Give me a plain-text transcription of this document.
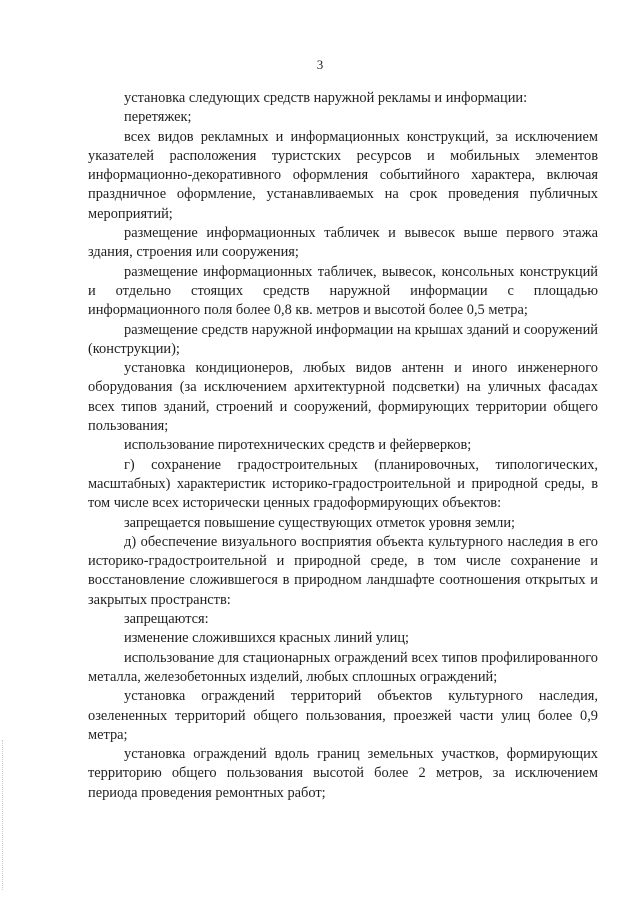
3

установка следующих средств наружной рекламы и информации:

перетяжек;

всех видов рекламных и информационных конструкций, за исключением указателей расположения туристских ресурсов и мобильных элементов информационно-декоративного оформления событийного характера, включая праздничное оформление, устанавливаемых на срок проведения публичных мероприятий;

размещение информационных табличек и вывесок выше первого этажа здания, строения или сооружения;

размещение информационных табличек, вывесок, консольных конструкций и отдельно стоящих средств наружной информации с площадью информационного поля более 0,8 кв. метров и высотой более 0,5 метра;

размещение средств наружной информации на крышах зданий и сооружений (конструкции);

установка кондиционеров, любых видов антенн и иного инженерного оборудования (за исключением архитектурной подсветки) на уличных фасадах всех типов зданий, строений и сооружений, формирующих территории общего пользования;

использование пиротехнических средств и фейерверков;

г) сохранение градостроительных (планировочных, типологических, масштабных) характеристик историко-градостроительной и природной среды, в том числе всех исторически ценных градоформирующих объектов:

запрещается повышение существующих отметок уровня земли;

д) обеспечение визуального восприятия объекта культурного наследия в его историко-градостроительной и природной среде, в том числе сохранение и восстановление сложившегося в природном ландшафте соотношения открытых и закрытых пространств:

запрещаются:

изменение сложившихся красных линий улиц;

использование для стационарных ограждений всех типов профилированного металла, железобетонных изделий, любых сплошных ограждений;

установка ограждений территорий объектов культурного наследия, озелененных территорий общего пользования, проезжей части улиц более 0,9 метра;

установка ограждений вдоль границ земельных участков, формирующих территорию общего пользования высотой более 2 метров, за исключением периода проведения ремонтных работ;
